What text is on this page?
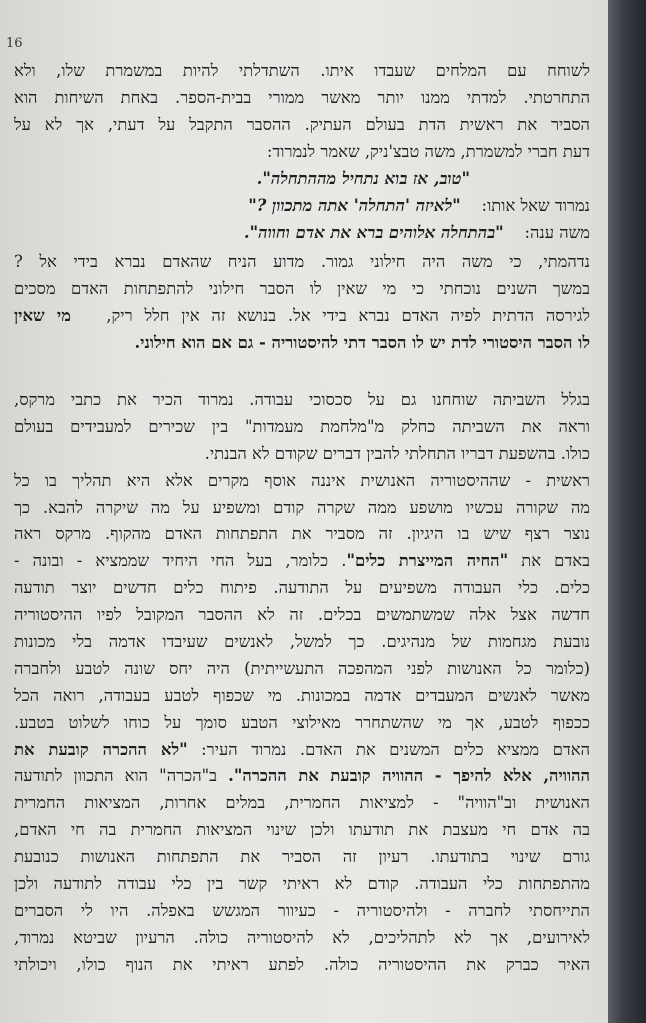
16
לשוחח עם המלחים שעבדו איתו. השתדלתי להיות במשמרת שלו, ולא
התחרטתי. למדתי ממנו יותר מאשר ממורי בבית-הספר. באחת השיחות הוא
הסביר את ראשית הדת בעולם העתיק. ההסבר התקבל על דעתי, אך לא על
דעת חברי למשמרת, משה טבצ'ניק, שאמר לנמרוד:
"טוב, אז בוא נתחיל מההתחלה".
נמרוד שאל אותו:    "לאיזה 'התחלה' אתה מתכוון ?"
משה ענה:    "בהתחלה אלוהים ברא את אדם וחווה".
נדהמתי, כי משה היה חילוני גמור. מדוע הניח שהאדם נברא בידי אל ?
במשך השנים נוכחתי כי מי שאין לו הסבר חילוני להתפתחות האדם מסכים
לגירסה הדתית לפיה האדם נברא בידי אל. בנושא זה אין חלל ריק,   מי שאין
לו הסבר היסטורי לדת יש לו הסבר דתי להיסטוריה - גם אם הוא חילוני.
בגלל השביתה שוחחנו גם על סכסוכי עבודה. נמרוד הכיר את כתבי מרקס,
וראה את השביתה כחלק מ"מלחמת מעמדות" בין שכירים למעבידים בעולם
כולו. בהשפעת דבריו התחלתי להבין דברים שקודם לא הבנתי.
ראשית - שההיסטוריה האנושית איננה אוסף מקרים אלא היא תהליך בו כל
מה שקורה עכשיו מושפע ממה שקרה קודם ומשפיע על מה שיקרה להבא. כך
נוצר רצף שיש בו היגיון. זה מסביר את התפתחות האדם מהקוף. מרקס ראה
באדם את "החיה המייצרת כלים". כלומר, בעל החי היחיד שממציא - ובונה -
כלים. כלי העבודה משפיעים על התודעה. פיתוח כלים חדשים יוצר תודעה
חדשה אצל אלה שמשתמשים בכלים. זה לא ההסבר המקובל לפיו ההיסטוריה
נובעת מגחמות של מנהיגים. כך למשל, לאנשים שעיבדו אדמה בלי מכונות
(כלומר כל האנושות לפני המהפכה התעשייתית) היה יחס שונה לטבע ולחברה
מאשר לאנשים המעבדים אדמה במכונות. מי שכפוף לטבע בעבודה, רואה הכל
ככפוף לטבע, אך מי שהשתחרר מאילוצי הטבע סומך על כוחו לשלוט בטבע.
האדם ממציא כלים המשנים את האדם. נמרוד העיר: "לא ההכרה קובעת את
ההוויה, אלא להיפך - ההוויה קובעת את ההכרה". ב"הכרה" הוא התכוון לתודעה
האנושית וב"הוויה" - למציאות החמרית, במלים אחרות, המציאות החמרית
בה אדם חי מעצבת את תודעתו ולכן שינוי המציאות החמרית בה חי האדם,
גורם שינוי בתודעתו. רעיון זה הסביר את התפתחות האנושות כנובעת
מהתפתחות כלי העבודה. קודם לא ראיתי קשר בין כלי עבודה לתודעה ולכן
התייחסתי לחברה - ולהיסטוריה - כעיוור המגשש באפלה. היו לי הסברים
לאירועים, אך לא לתהליכים, לא להיסטוריה כולה. הרעיון שביטא נמרוד,
האיר כברק את ההיסטוריה כולה. לפתע ראיתי את הנוף כולו, ויכולתי
